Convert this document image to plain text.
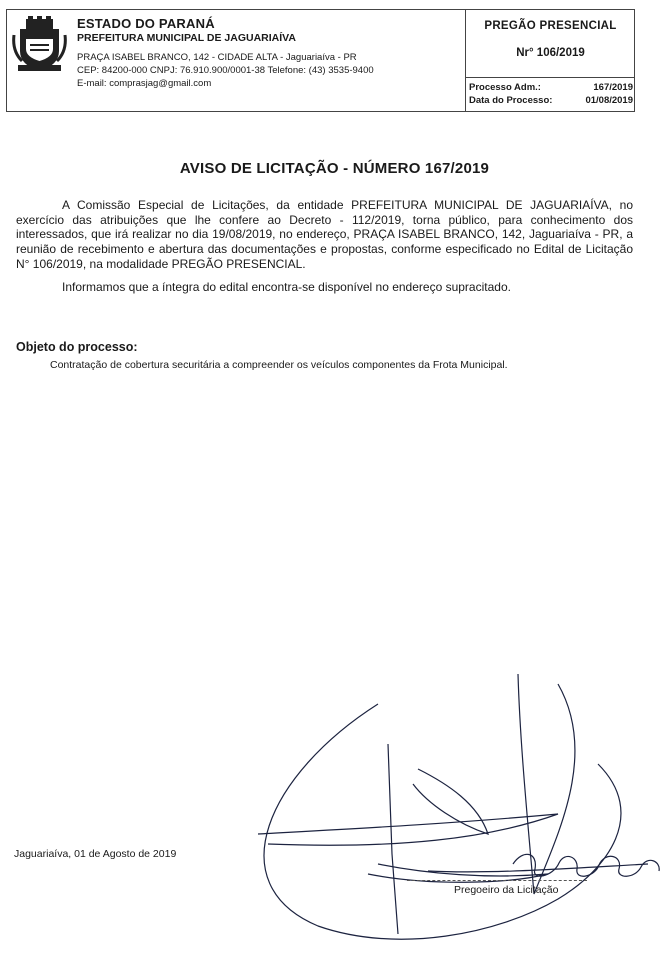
ESTADO DO PARANÁ
PREFEITURA MUNICIPAL DE JAGUARIAÍVA
PRAÇA ISABEL BRANCO, 142 - CIDADE ALTA - Jaguariaíva - PR
CEP: 84200-000 CNPJ: 76.910.900/0001-38 Telefone: (43) 3535-9400
E-mail: comprasjag@gmail.com
PREGÃO PRESENCIAL
Nr° 106/2019
Processo Adm.:	167/2019
Data do Processo:	01/08/2019
AVISO DE LICITAÇÃO - NÚMERO 167/2019
A Comissão Especial de Licitações, da entidade PREFEITURA MUNICIPAL DE JAGUARIAÍVA, no exercício das atribuições que lhe confere ao Decreto - 112/2019, torna público, para conhecimento dos interessados, que irá realizar no dia 19/08/2019, no endereço, PRAÇA ISABEL BRANCO, 142, Jaguariaíva - PR, a reunião de recebimento e abertura das documentações e propostas, conforme especificado no Edital de Licitação N° 106/2019, na modalidade PREGÃO PRESENCIAL.
Informamos que a íntegra do edital encontra-se disponível no endereço supracitado.
Objeto do processo:
Contratação de cobertura securitária a compreender os veículos componentes da Frota Municipal.
Jaguariaíva, 01 de Agosto de 2019
Pregoeiro da Licitação
